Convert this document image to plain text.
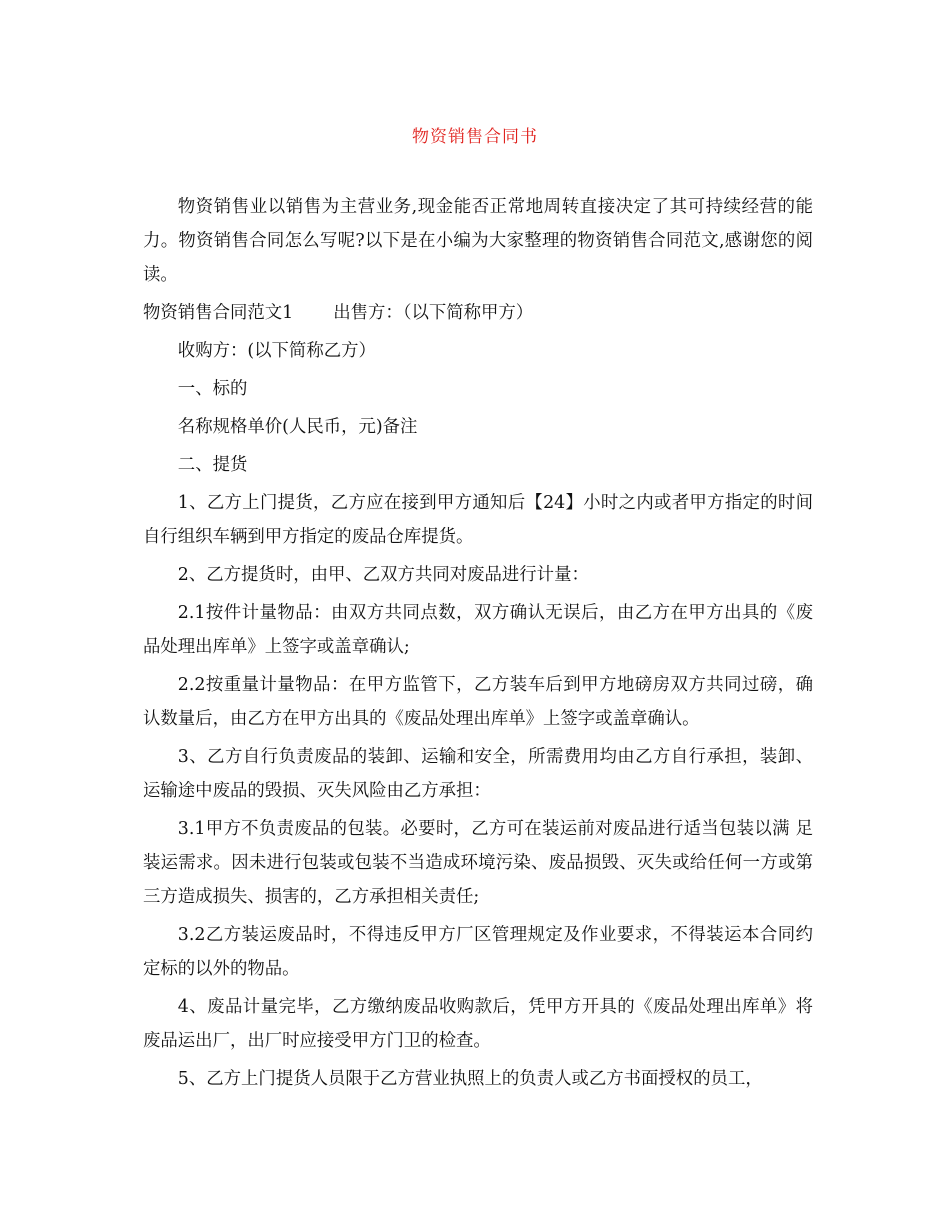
物资销售合同书

物资销售业以销售为主营业务,现金能否正常地周转直接决定了其可持续经营的能力。物资销售合同怎么写呢?以下是在小编为大家整理的物资销售合同范文,感谢您的阅读。

物资销售合同范文1 出售方：（以下简称甲方）

收购方：(以下简称乙方）

一、标的

名称规格单价(人民币，元)备注

二、提货

1、乙方上门提货，乙方应在接到甲方通知后【24】小时之内或者甲方指定的时间自行组织车辆到甲方指定的废品仓库提货。

2、乙方提货时，由甲、乙双方共同对废品进行计量：

2.1按件计量物品：由双方共同点数，双方确认无误后，由乙方在甲方出具的《废品处理出库单》上签字或盖章确认;

2.2按重量计量物品：在甲方监管下，乙方装车后到甲方地磅房双方共同过磅，确认数量后，由乙方在甲方出具的《废品处理出库单》上签字或盖章确认。

3、乙方自行负责废品的装卸、运输和安全，所需费用均由乙方自行承担，装卸、运输途中废品的毁损、灭失风险由乙方承担：

3.1甲方不负责废品的包装。必要时，乙方可在装运前对废品进行适当包装以满 足装运需求。因未进行包装或包装不当造成环境污染、废品损毁、灭失或给任何一方或第三方造成损失、损害的，乙方承担相关责任;

3.2乙方装运废品时，不得违反甲方厂区管理规定及作业要求，不得装运本合同约定标的以外的物品。

4、废品计量完毕，乙方缴纳废品收购款后，凭甲方开具的《废品处理出库单》将废品运出厂，出厂时应接受甲方门卫的检查。

5、乙方上门提货人员限于乙方营业执照上的负责人或乙方书面授权的员工，
